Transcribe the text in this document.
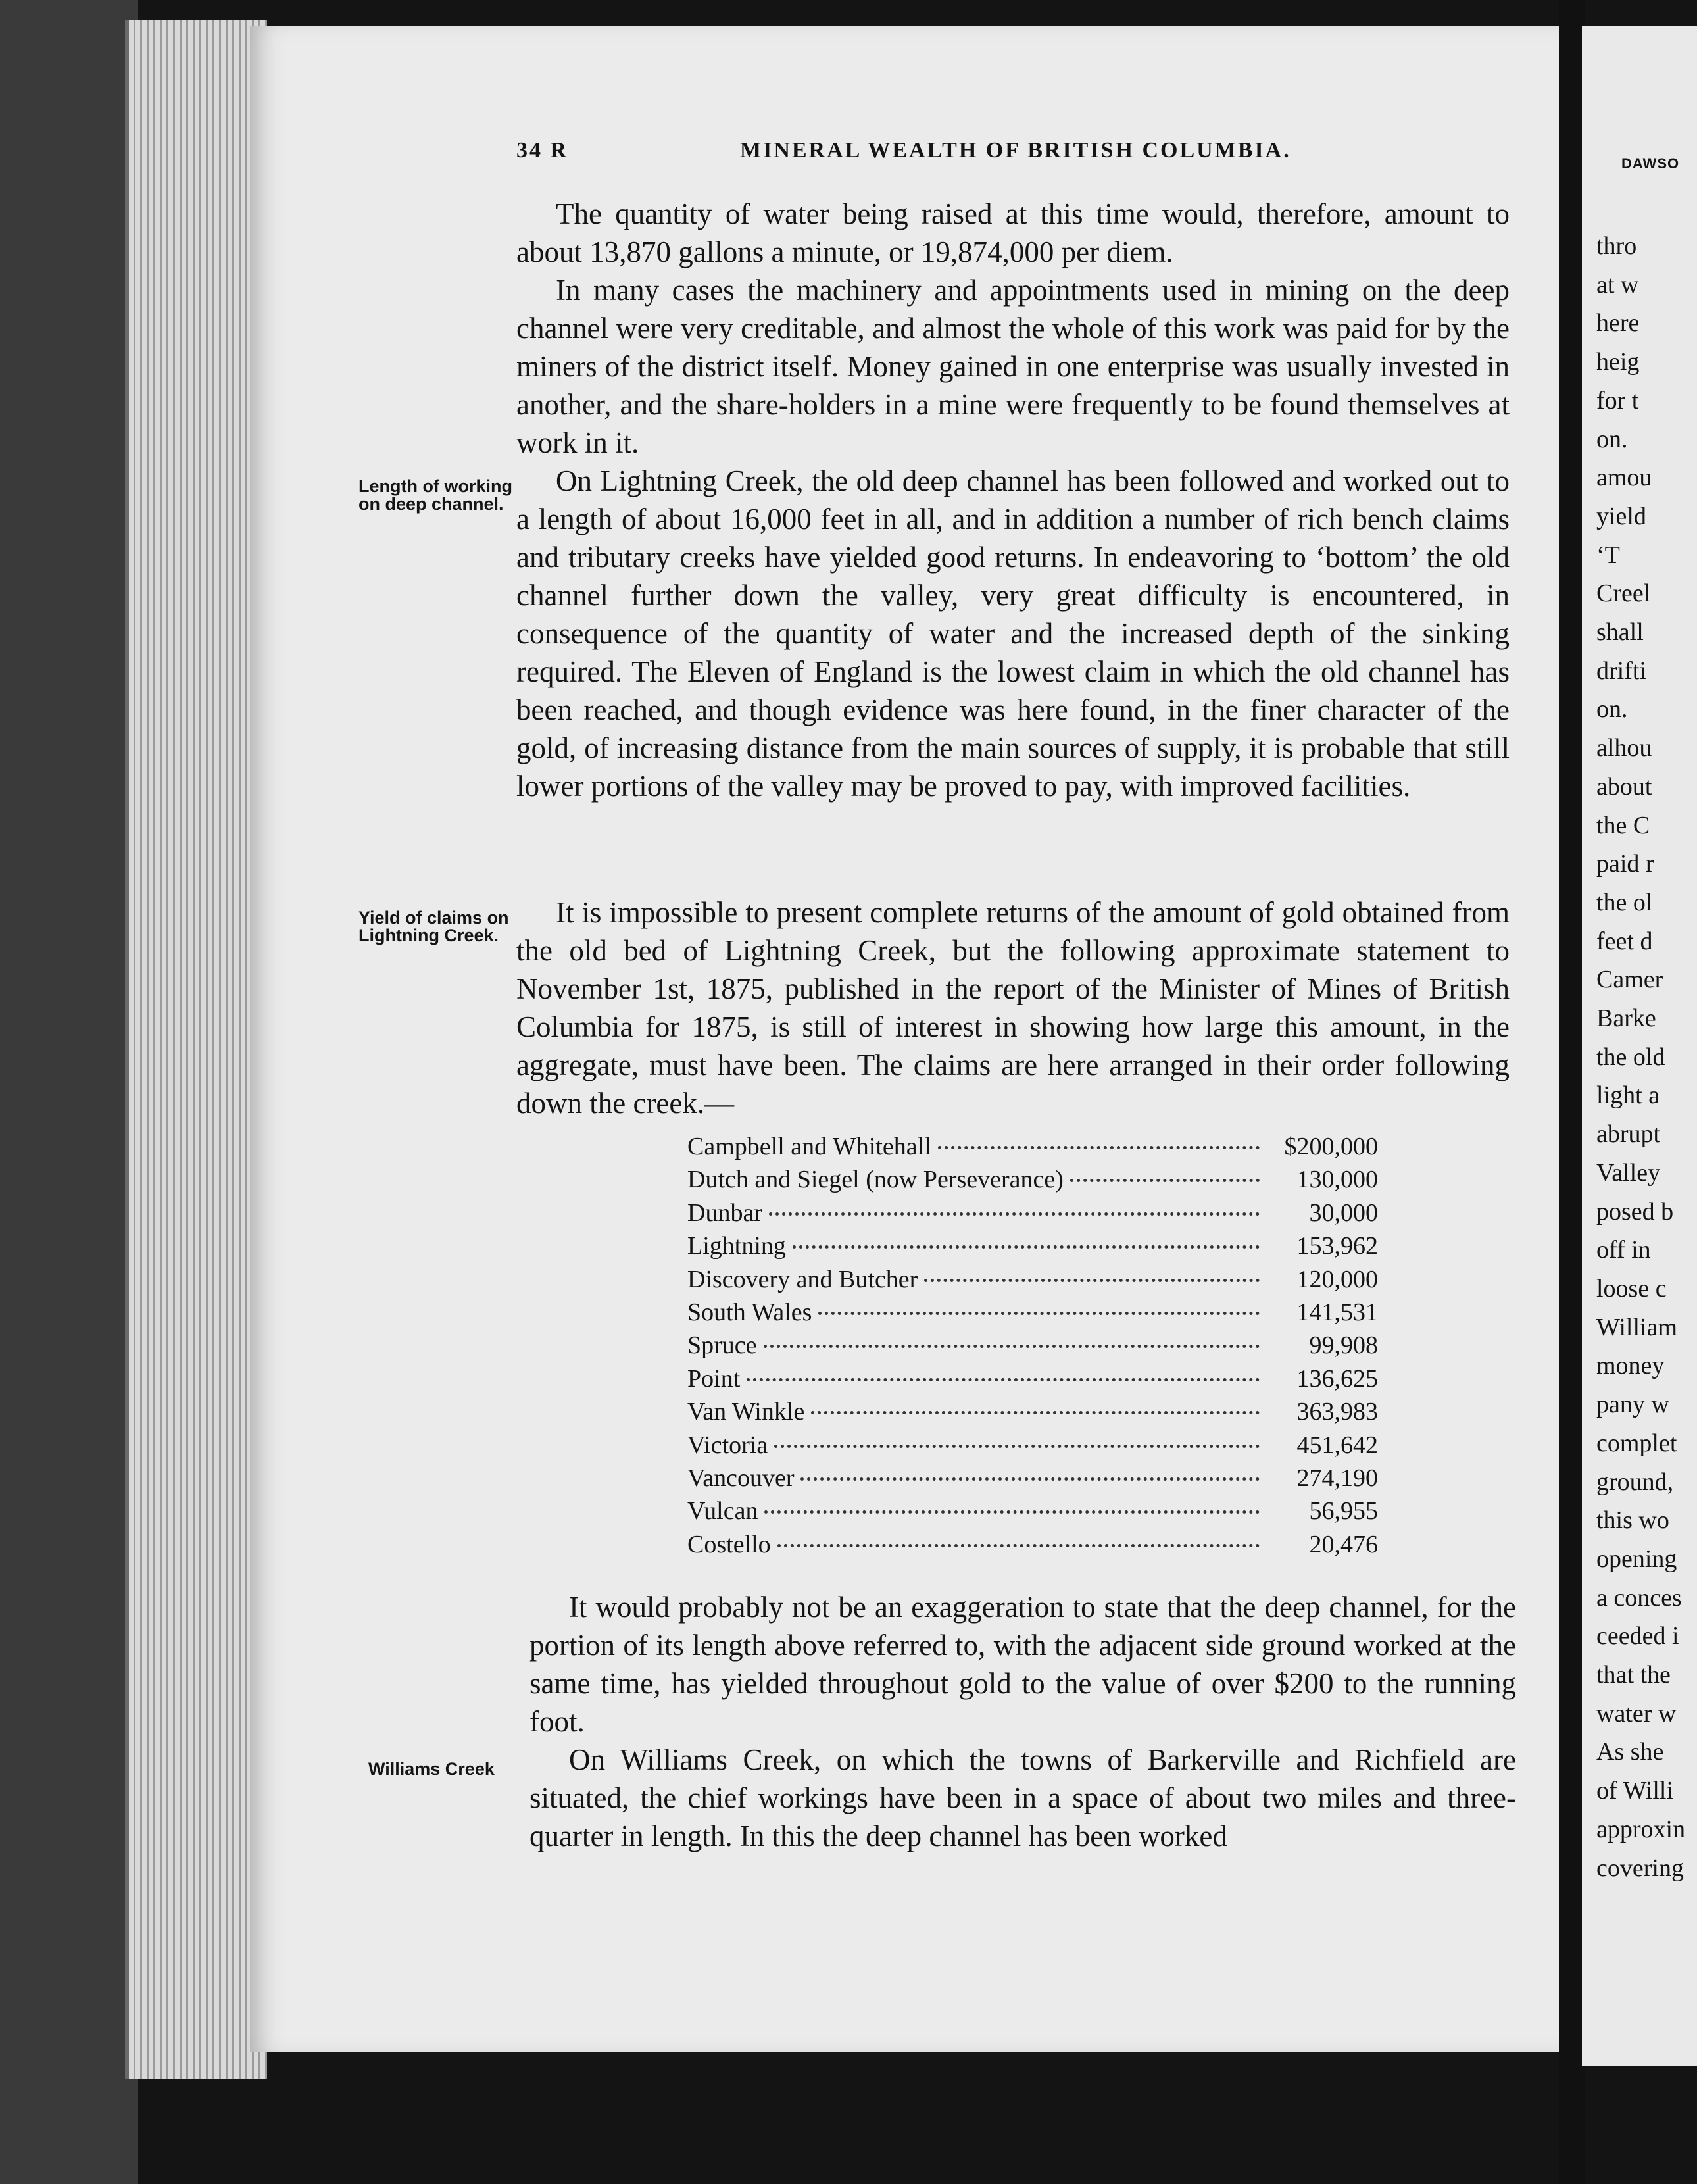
34 R	MINERAL WEALTH OF BRITISH COLUMBIA.

The quantity of water being raised at this time would, therefore, amount to about 13,870 gallons a minute, or 19,874,000 per diem.

In many cases the machinery and appointments used in mining on the deep channel were very creditable, and almost the whole of this work was paid for by the miners of the district itself. Money gained in one enterprise was usually invested in another, and the share-holders in a mine were frequently to be found themselves at work in it.

On Lightning Creek, the old deep channel has been followed and worked out to a length of about 16,000 feet in all, and in addition a number of rich bench claims and tributary creeks have yielded good returns. In endeavoring to ‘bottom’ the old channel further down the valley, very great difficulty is encountered, in consequence of the quantity of water and the increased depth of the sinking required. The Eleven of England is the lowest claim in which the old channel has been reached, and though evidence was here found, in the finer character of the gold, of increasing distance from the main sources of supply, it is probable that still lower portions of the valley may be proved to pay, with improved facilities.

It is impossible to present complete returns of the amount of gold obtained from the old bed of Lightning Creek, but the following approximate statement to November 1st, 1875, published in the report of the Minister of Mines of British Columbia for 1875, is still of interest in showing how large this amount, in the aggregate, must have been. The claims are here arranged in their order following down the creek.—

Length of working on deep channel.
Yield of claims on Lightning Creek.
Williams Creek
Campbell and Whitehall	$200,000
Dutch and Siegel (now Perseverance)	130,000
Dunbar	30,000
Lightning	153,962
Discovery and Butcher	120,000
South Wales	141,531
Spruce	99,908
Point	136,625
Van Winkle	363,983
Victoria	451,642
Vancouver	274,190
Vulcan	56,955
Costello	20,476

It would probably not be an exaggeration to state that the deep channel, for the portion of its length above referred to, with the adjacent side ground worked at the same time, has yielded throughout gold to the value of over $200 to the running foot.

On Williams Creek, on which the towns of Barkerville and Richfield are situated, the chief workings have been in a space of about two miles and three-quarter in length. In this the deep channel has been worked

DAWSO
thro
at w
here
heig
for t
on.
amou
yield
‘T
Creel
shall
drifti
on.
alhou
about
the C
paid r
the ol
feet d
Camer
Barke
the old
light a
abrupt
Valley
posed b
off in
loose c
William
money
pany w
complet
ground,
this wo
opening
a conces
ceeded i
that the
water w
As she
of Willi
approxin
covering
